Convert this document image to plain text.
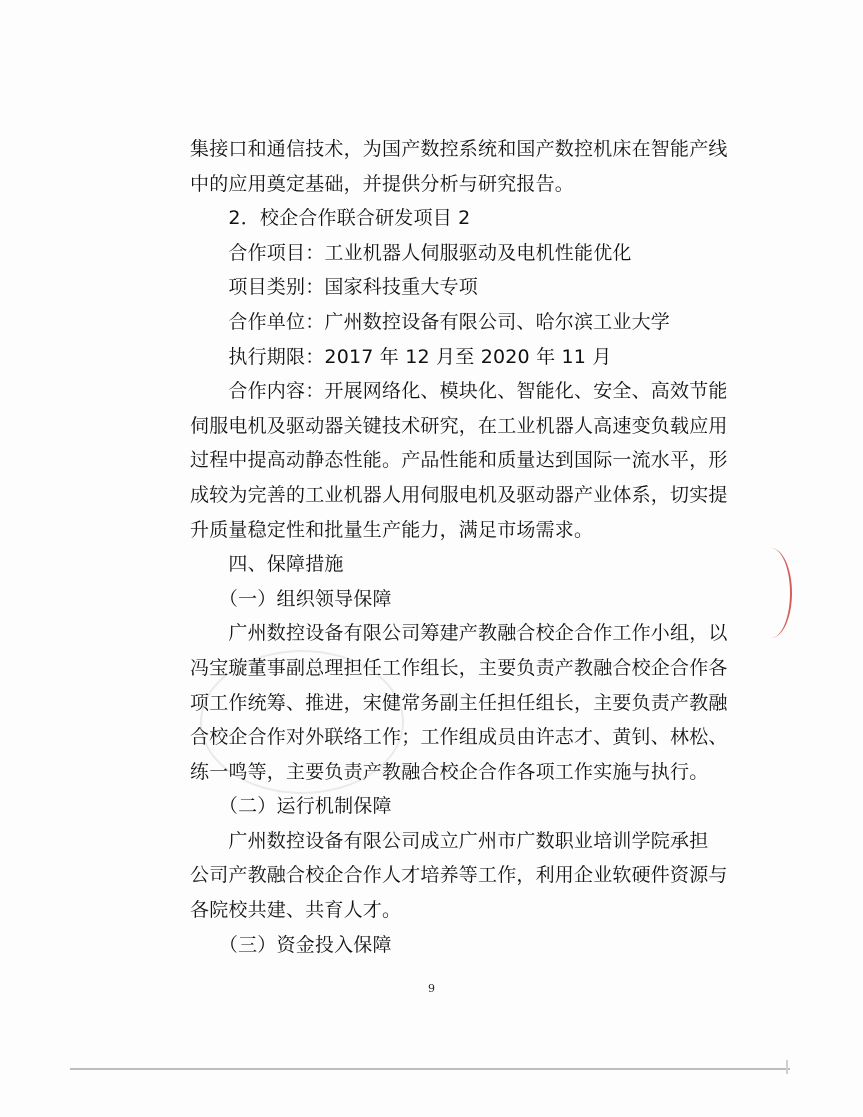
集接口和通信技术，为国产数控系统和国产数控机床在智能产线

中的应用奠定基础，并提供分析与研究报告。

　　2．校企合作联合研发项目 2

　　合作项目：工业机器人伺服驱动及电机性能优化

　　项目类别：国家科技重大专项

　　合作单位：广州数控设备有限公司、哈尔滨工业大学

　　执行期限：2017 年 12 月至 2020 年 11 月

　　合作内容：开展网络化、模块化、智能化、安全、高效节能

伺服电机及驱动器关键技术研究，在工业机器人高速变负载应用

过程中提高动静态性能。产品性能和质量达到国际一流水平，形

成较为完善的工业机器人用伺服电机及驱动器产业体系，切实提

升质量稳定性和批量生产能力，满足市场需求。

　　四、保障措施

　　（一）组织领导保障

　　广州数控设备有限公司筹建产教融合校企合作工作小组，以

冯宝璇董事副总理担任工作组长，主要负责产教融合校企合作各

项工作统筹、推进，宋健常务副主任担任组长，主要负责产教融

合校企合作对外联络工作；工作组成员由许志才、黄钊、林松、

练一鸣等，主要负责产教融合校企合作各项工作实施与执行。

　　（二）运行机制保障

　　广州数控设备有限公司成立广州市广数职业培训学院承担

公司产教融合校企合作人才培养等工作，利用企业软硬件资源与

各院校共建、共育人才。

　　（三）资金投入保障

9
